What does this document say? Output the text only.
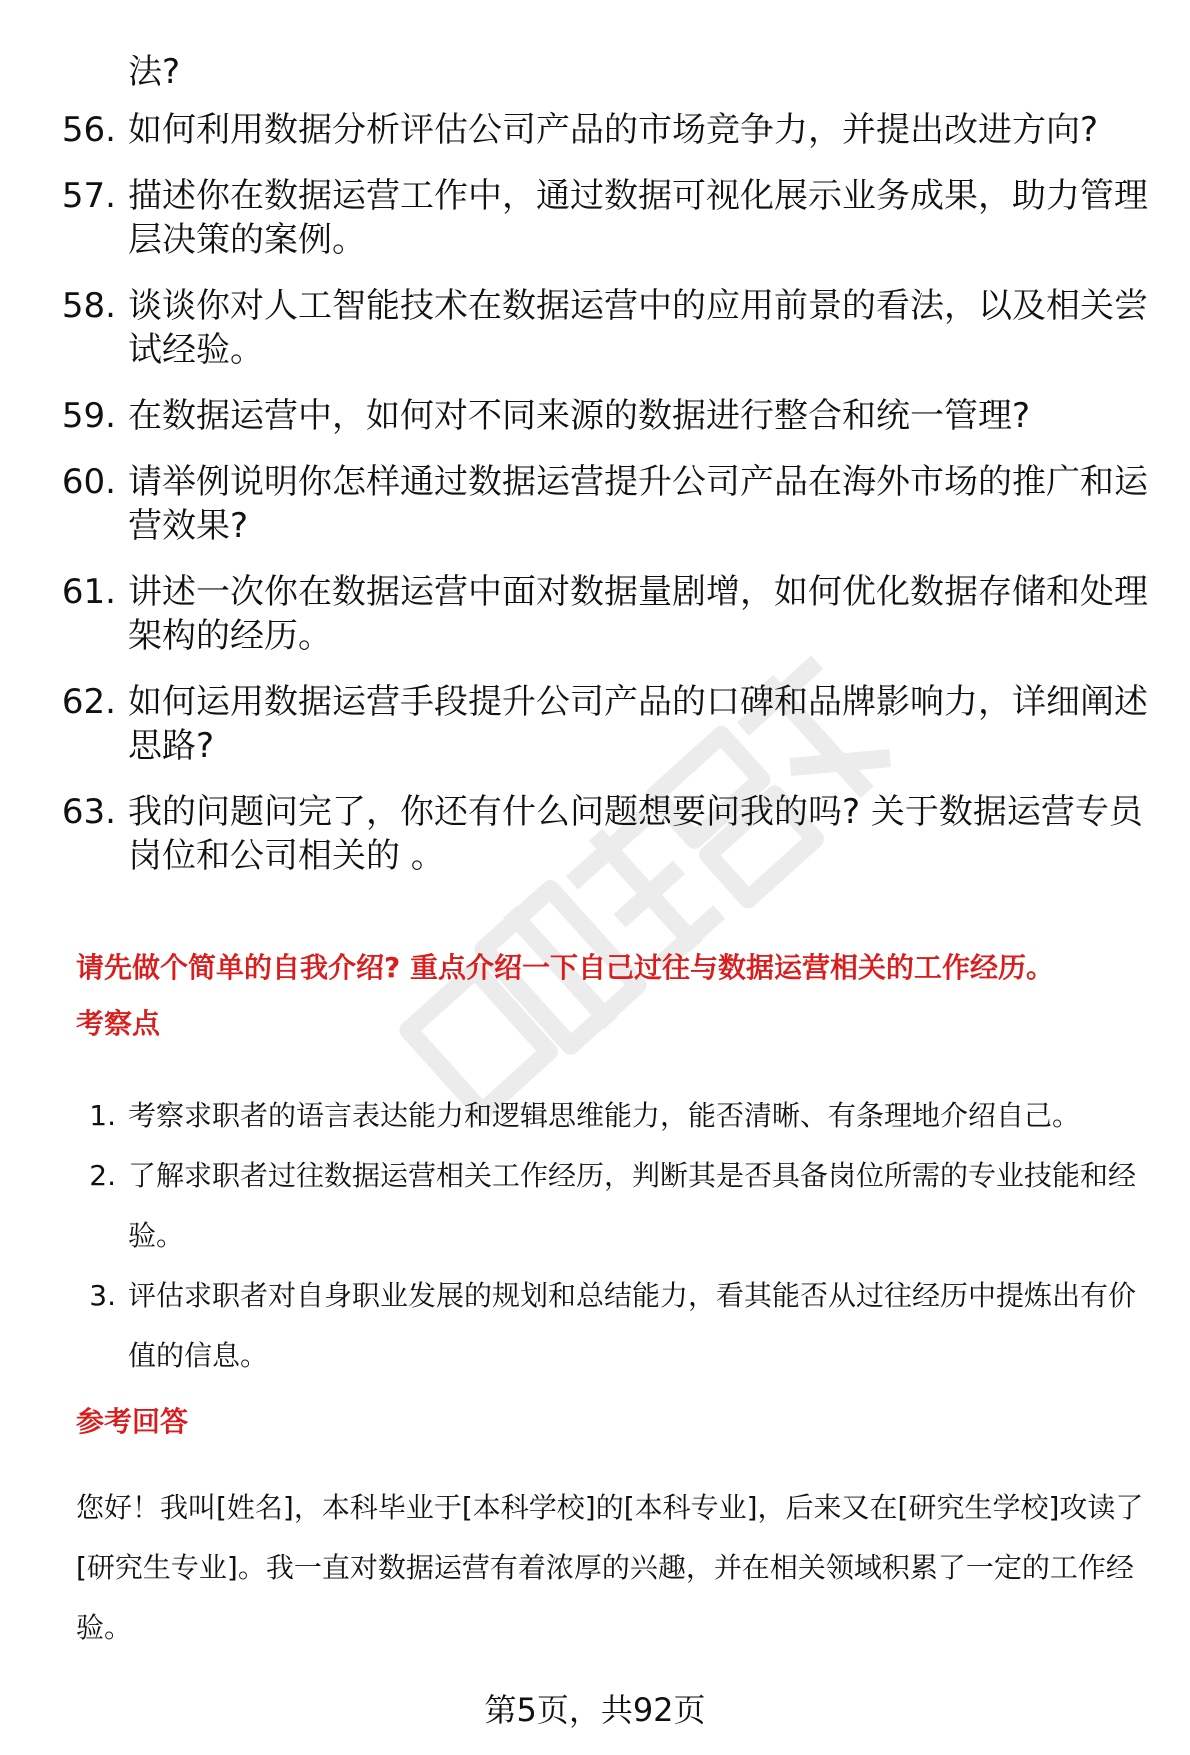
法?

56. 如何利用数据分析评估公司产品的市场竞争力，并提出改进方向?
57. 描述你在数据运营工作中，通过数据可视化展示业务成果，助力管理层决策的案例。
58. 谈谈你对人工智能技术在数据运营中的应用前景的看法，以及相关尝试经验。
59. 在数据运营中，如何对不同来源的数据进行整合和统一管理?
60. 请举例说明你怎样通过数据运营提升公司产品在海外市场的推广和运营效果?
61. 讲述一次你在数据运营中面对数据量剧增，如何优化数据存储和处理架构的经历。
62. 如何运用数据运营手段提升公司产品的口碑和品牌影响力，详细阐述思路?
63. 我的问题问完了，你还有什么问题想要问我的吗? 关于数据运营专员岗位和公司相关的 。

请先做个简单的自我介绍? 重点介绍一下自己过往与数据运营相关的工作经历。

考察点

1. 考察求职者的语言表达能力和逻辑思维能力，能否清晰、有条理地介绍自己。
2. 了解求职者过往数据运营相关工作经历，判断其是否具备岗位所需的专业技能和经验。
3. 评估求职者对自身职业发展的规划和总结能力，看其能否从过往经历中提炼出有价值的信息。

参考回答

您好！我叫[姓名]，本科毕业于[本科学校]的[本科专业]，后来又在[研究生学校]攻读了[研究生专业]。我一直对数据运营有着浓厚的兴趣，并在相关领域积累了一定的工作经验。

第5页，共92页
